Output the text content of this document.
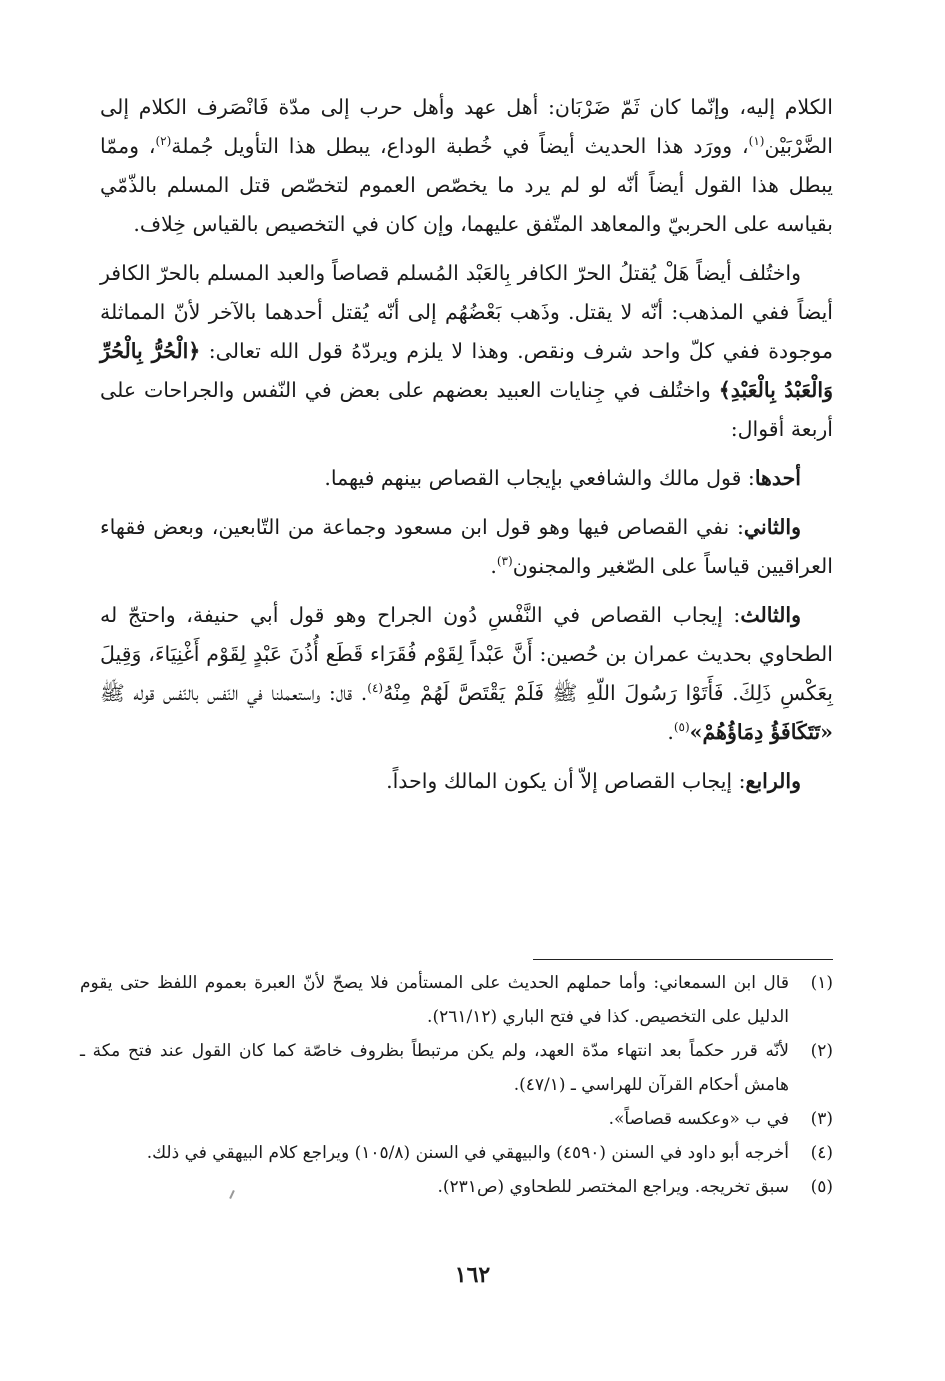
الكلام إليه، وإنّما كان ثَمّ ضَرْبَان: أهل عهد وأهل حرب إلى مدّة فَانْصَرف الكلام إلى الضَّرْبَيْن$^{(١)}$، وورَد هذا الحديث أيضاً في خُطبة الوداع، يبطل هذا التأويل جُملة$^{(٢)}$، وممّا يبطل هذا القول أيضاً أنّه لو لم يرد ما يخصّص العموم لتخصّص قتل المسلم بالذّمّي بقياسه على الحربيّ والمعاهد المتّفق عليهما، وإن كان في التخصيص بالقياس خِلاف.

واختُلف أيضاً هَلْ يُقتلُ الحرّ الكافر بِالعَبْد المُسلم قصاصاً والعبد المسلم بالحرّ الكافر أيضاً ففي المذهب: أنّه لا يقتل. وذَهب بَعْضُهُم إلى أنّه يُقتل أحدهما بالآخر لأنّ المماثلة موجودة ففي كلّ واحد شرف ونقص. وهذا لا يلزم ويردّهُ قول الله تعالى: ﴿الْحُرُّ بِالْحُرِّ وَالْعَبْدُ بِالْعَبْدِ﴾ واختُلف في جِنايات العبيد بعضهم على بعض في النّفس والجراحات على أربعة أقوال:

أحدها: قول مالك والشافعي بإيجاب القصاص بينهم فيهما.

والثاني: نفي القصاص فيها وهو قول ابن مسعود وجماعة من التّابعين، وبعض فقهاء العراقيين قياساً على الصّغير والمجنون$^{(٣)}$.

والثالث: إيجاب القصاص في النَّفْسِ دُون الجراح وهو قول أبي حنيفة، واحتجّ له الطحاوي بحديث عمران بن حُصين: أَنَّ عَبْداً لِقَوْم فُقَرَاء قَطَع أُذُنَ عَبْدٍ لِقَوْم أَغْنِيَاءَ، وَقِيلَ بِعَكْسِ ذَلِكَ. فَأَتَوْا رَسُولَ اللّهِ ﷺ فَلَمْ يَقْتَصَّ لَهُمْ مِنْهُ$^{(٤)}$. قال: واستعملنا في النّفس بالنّفس قوله ﷺ «تَتَكَافَؤُ دِمَاؤُهُمْ»$^{(٥)}$.

والرابع: إيجاب القصاص إلاّ أن يكون المالك واحداً.

(١)
قال ابن السمعاني: وأما حملهم الحديث على المستأمن فلا يصحّ لأنّ العبرة بعموم اللفظ حتى يقوم الدليل على التخصيص. كذا في فتح الباري (٢٦١/١٢).
(٢)
لأنّه قرر حكماً بعد انتهاء مدّة العهد، ولم يكن مرتبطاً بظروف خاصّة كما كان القول عند فتح مكة ـ هامش أحكام القرآن للهراسي ـ (٤٧/١).
(٣)
في ب «وعكسه قصاصاً».
(٤)
أخرجه أبو داود في السنن (٤٥٩٠) والبيهقي في السنن (١٠٥/٨) ويراجع كلام البيهقي في ذلك.
(٥)
سبق تخريجه. ويراجع المختصر للطحاوي (ص٢٣١).
١٦٢
